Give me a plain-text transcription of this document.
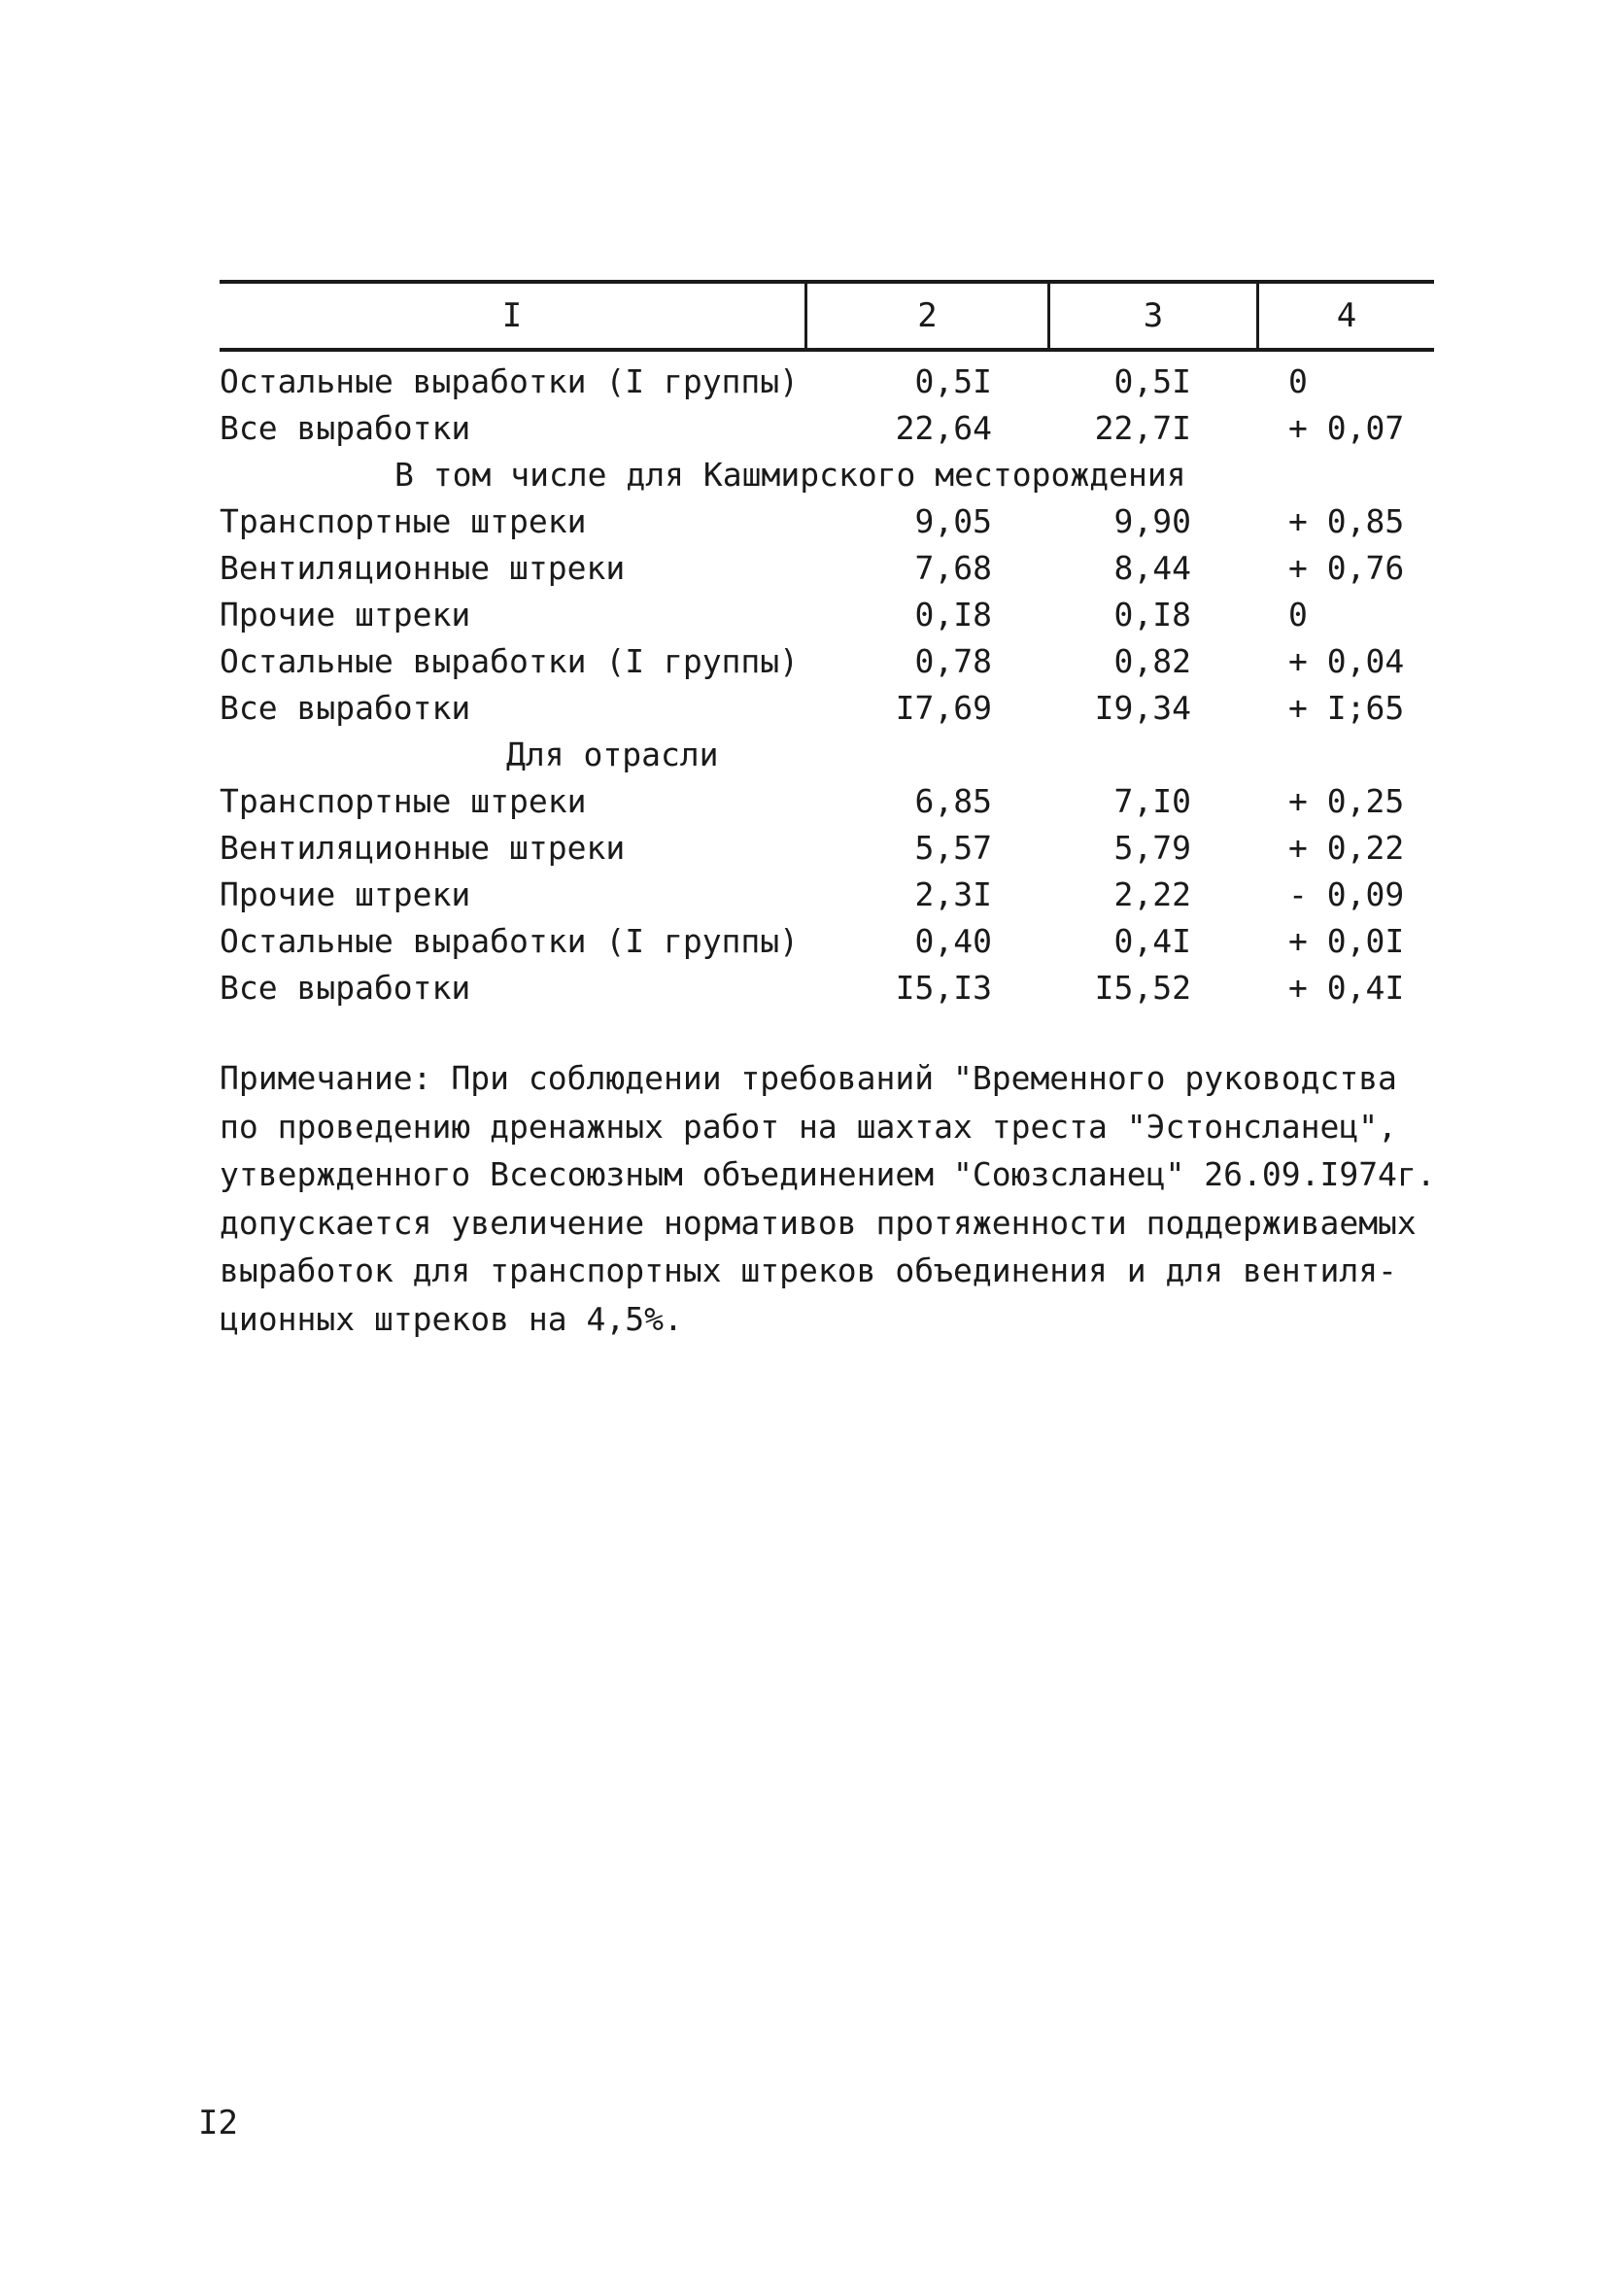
I	2	3	4
Остальные выработки (I группы)	0,5I	0,5I	0
Все выработки	22,64	22,7I	+ 0,07
В том числе для Кашмирского месторождения
Транспортные штреки	9,05	9,90	+ 0,85
Вентиляционные штреки	7,68	8,44	+ 0,76
Прочие штреки	0,I8	0,I8	0
Остальные выработки (I группы)	0,78	0,82	+ 0,04
Все выработки	I7,69	I9,34	+ I;65
Для отрасли
Транспортные штреки	6,85	7,I0	+ 0,25
Вентиляционные штреки	5,57	5,79	+ 0,22
Прочие штреки	2,3I	2,22	- 0,09
Остальные выработки (I группы)	0,40	0,4I	+ 0,0I
Все выработки	I5,I3	I5,52	+ 0,4I
Примечание: При соблюдении требований "Временного руководства
по проведению дренажных работ на шахтах треста "Эстонсланец",
утвержденного Всесоюзным объединением "Союзсланец" 26.09.I974г.
допускается увеличение нормативов протяженности поддерживаемых
выработок для транспортных штреков объединения и для вентиля-
ционных штреков на 4,5%.
I2
